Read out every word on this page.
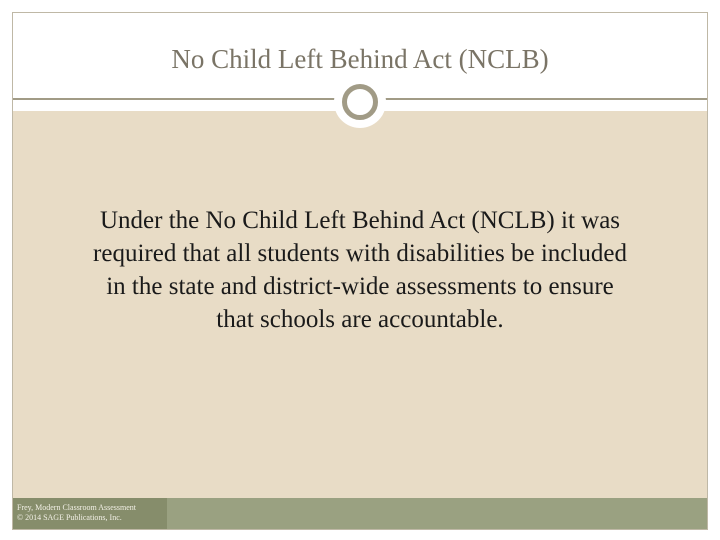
No Child Left Behind Act (NCLB)
Under the No Child Left Behind Act (NCLB) it was
required that all students with disabilities be included
in the state and district-wide assessments to ensure
that schools are accountable.
Frey, Modern Classroom Assessment
© 2014 SAGE Publications, Inc.
